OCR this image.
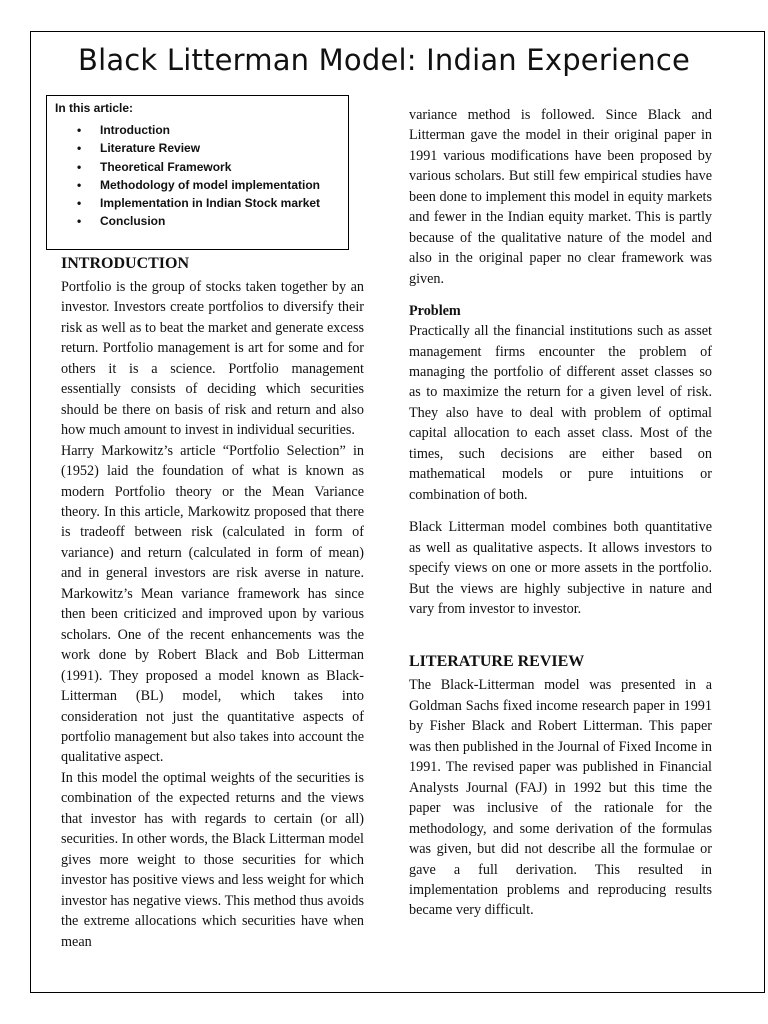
Black Litterman Model: Indian Experience
In this article:
• Introduction
• Literature Review
• Theoretical Framework
• Methodology of model implementation
• Implementation in Indian Stock market
• Conclusion
INTRODUCTION

Portfolio is the group of stocks taken together by an investor. Investors create portfolios to diversify their risk as well as to beat the market and generate excess return. Portfolio management is art for some and for others it is a science. Portfolio management essentially consists of deciding which securities should be there on basis of risk and return and also how much amount to invest in individual securities.

Harry Markowitz’s article “Portfolio Selection” in (1952) laid the foundation of what is known as modern Portfolio theory or the Mean Variance theory. In this article, Markowitz proposed that there is tradeoff between risk (calculated in form of variance) and return (calculated in form of mean) and in general investors are risk averse in nature. Markowitz’s Mean variance framework has since then been criticized and improved upon by various scholars. One of the recent enhancements was the work done by Robert Black and Bob Litterman (1991). They proposed a model known as Black-Litterman (BL) model, which takes into consideration not just the quantitative aspects of portfolio management but also takes into account the qualitative aspect.

In this model the optimal weights of the securities is combination of the expected returns and the views that investor has with regards to certain (or all) securities. In other words, the Black Litterman model gives more weight to those securities for which investor has positive views and less weight for which investor has negative views. This method thus avoids the extreme allocations which securities have when mean

variance method is followed. Since Black and Litterman gave the model in their original paper in 1991 various modifications have been proposed by various scholars. But still few empirical studies have been done to implement this model in equity markets and fewer in the Indian equity market. This is partly because of the qualitative nature of the model and also in the original paper no clear framework was given.

Problem

Practically all the financial institutions such as asset management firms encounter the problem of managing the portfolio of different asset classes so as to maximize the return for a given level of risk. They also have to deal with problem of optimal capital allocation to each asset class. Most of the times, such decisions are either based on mathematical models or pure intuitions or combination of both.

Black Litterman model combines both quantitative as well as qualitative aspects. It allows investors to specify views on one or more assets in the portfolio. But the views are highly subjective in nature and vary from investor to investor.

LITERATURE REVIEW

The Black-Litterman model was presented in a Goldman Sachs fixed income research paper in 1991 by Fisher Black and Robert Litterman. This paper was then published in the Journal of Fixed Income in 1991. The revised paper was published in Financial Analysts Journal (FAJ) in 1992 but this time the paper was inclusive of the rationale for the methodology, and some derivation of the formulas was given, but did not describe all the formulae or gave a full derivation. This resulted in implementation problems and reproducing results became very difficult.
